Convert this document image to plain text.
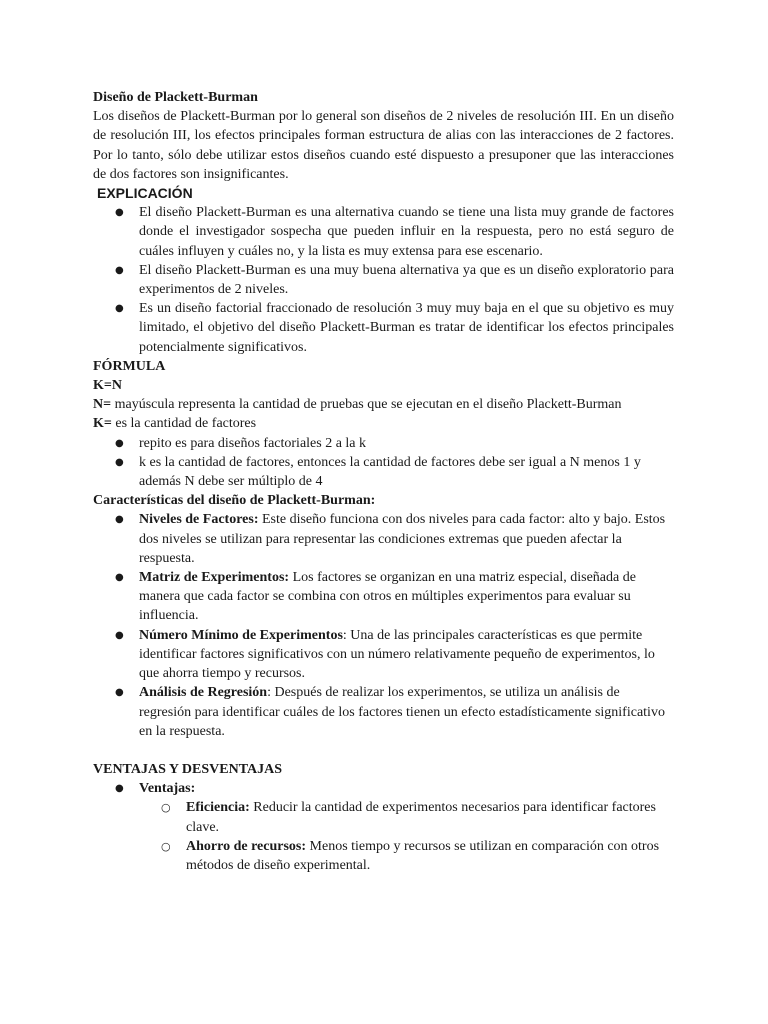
Diseño de Plackett-Burman

Los diseños de Plackett-Burman por lo general son diseños de 2 niveles de resolución III. En un diseño de resolución III, los efectos principales forman estructura de alias con las interacciones de 2 factores. Por lo tanto, sólo debe utilizar estos diseños cuando esté dispuesto a presuponer que las interacciones de dos factores son insignificantes.

EXPLICACIÓN

● El diseño Plackett-Burman es una alternativa cuando se tiene una lista muy grande de factores donde el investigador sospecha que pueden influir en la respuesta, pero no está seguro de cuáles influyen y cuáles no, y la lista es muy extensa para ese escenario.
● El diseño Plackett-Burman es una muy buena alternativa ya que es un diseño exploratorio para experimentos de 2 niveles.
● Es un diseño factorial fraccionado de resolución 3 muy muy baja en el que su objetivo es muy limitado, el objetivo del diseño Plackett-Burman es tratar de identificar los efectos principales potencialmente significativos.

FÓRMULA

K=N

N= mayúscula representa la cantidad de pruebas que se ejecutan en el diseño Plackett-Burman

K= es la cantidad de factores

● repito es para diseños factoriales 2 a la k
● k es la cantidad de factores, entonces la cantidad de factores debe ser igual a N menos 1 y además N debe ser múltiplo de 4

Características del diseño de Plackett-Burman:

● Niveles de Factores: Este diseño funciona con dos niveles para cada factor: alto y bajo. Estos dos niveles se utilizan para representar las condiciones extremas que pueden afectar la respuesta.
● Matriz de Experimentos: Los factores se organizan en una matriz especial, diseñada de manera que cada factor se combina con otros en múltiples experimentos para evaluar su influencia.
● Número Mínimo de Experimentos: Una de las principales características es que permite identificar factores significativos con un número relativamente pequeño de experimentos, lo que ahorra tiempo y recursos.
● Análisis de Regresión: Después de realizar los experimentos, se utiliza un análisis de regresión para identificar cuáles de los factores tienen un efecto estadísticamente significativo en la respuesta.

VENTAJAS Y DESVENTAJAS

● Ventajas:
○ Eficiencia: Reducir la cantidad de experimentos necesarios para identificar factores clave.
○ Ahorro de recursos: Menos tiempo y recursos se utilizan en comparación con otros métodos de diseño experimental.
